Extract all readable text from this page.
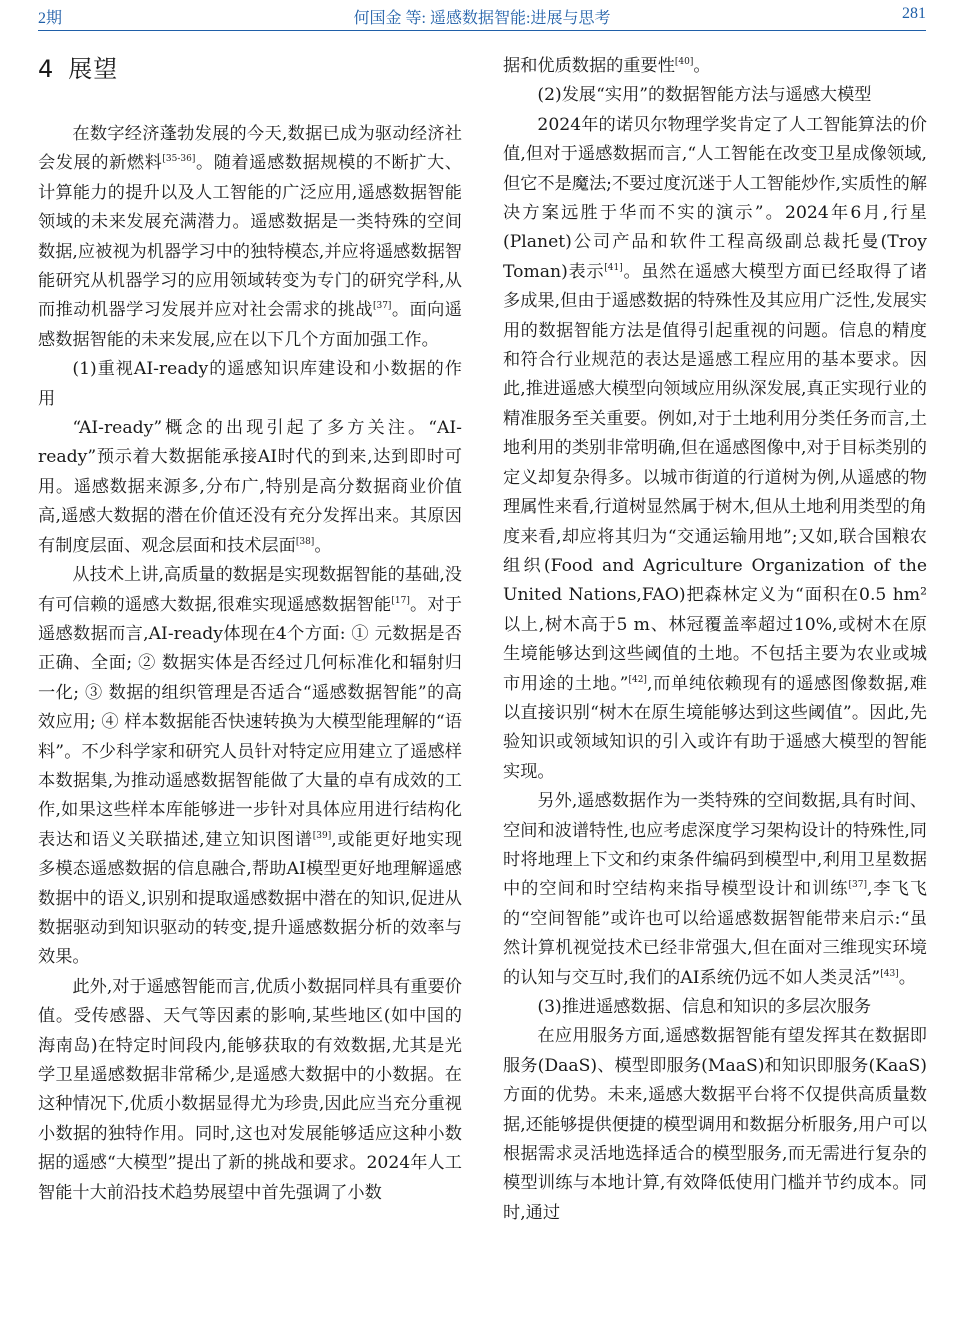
2期	何国金 等: 遥感数据智能:进展与思考	281
4 展望

在数字经济蓬勃发展的今天,数据已成为驱动经济社会发展的新燃料[35-36]。随着遥感数据规模的不断扩大、计算能力的提升以及人工智能的广泛应用,遥感数据智能领域的未来发展充满潜力。遥感数据是一类特殊的空间数据,应被视为机器学习中的独特模态,并应将遥感数据智能研究从机器学习的应用领域转变为专门的研究学科,从而推动机器学习发展并应对社会需求的挑战[37]。面向遥感数据智能的未来发展,应在以下几个方面加强工作。

(1)重视AI-ready的遥感知识库建设和小数据的作用

“AI-ready”概念的出现引起了多方关注。“AI-ready”预示着大数据能承接AI时代的到来,达到即时可用。遥感数据来源多,分布广,特别是高分数据商业价值高,遥感大数据的潜在价值还没有充分发挥出来。其原因有制度层面、观念层面和技术层面[38]。

从技术上讲,高质量的数据是实现数据智能的基础,没有可信赖的遥感大数据,很难实现遥感数据智能[17]。对于遥感数据而言,AI-ready体现在4个方面: ① 元数据是否正确、全面; ② 数据实体是否经过几何标准化和辐射归一化; ③ 数据的组织管理是否适合“遥感数据智能”的高效应用; ④ 样本数据能否快速转换为大模型能理解的“语料”。不少科学家和研究人员针对特定应用建立了遥感样本数据集,为推动遥感数据智能做了大量的卓有成效的工作,如果这些样本库能够进一步针对具体应用进行结构化表达和语义关联描述,建立知识图谱[39],或能更好地实现多模态遥感数据的信息融合,帮助AI模型更好地理解遥感数据中的语义,识别和提取遥感数据中潜在的知识,促进从数据驱动到知识驱动的转变,提升遥感数据分析的效率与效果。

此外,对于遥感智能而言,优质小数据同样具有重要价值。受传感器、天气等因素的影响,某些地区(如中国的海南岛)在特定时间段内,能够获取的有效数据,尤其是光学卫星遥感数据非常稀少,是遥感大数据中的小数据。在这种情况下,优质小数据显得尤为珍贵,因此应当充分重视小数据的独特作用。同时,这也对发展能够适应这种小数据的遥感“大模型”提出了新的挑战和要求。2024年人工智能十大前沿技术趋势展望中首先强调了小数

据和优质数据的重要性[40]。

(2)发展“实用”的数据智能方法与遥感大模型

2024年的诺贝尔物理学奖肯定了人工智能算法的价值,但对于遥感数据而言,“人工智能在改变卫星成像领域,但它不是魔法;不要过度沉迷于人工智能炒作,实质性的解决方案远胜于华而不实的演示”。2024年6月,行星(Planet)公司产品和软件工程高级副总裁托曼(Troy Toman)表示[41]。虽然在遥感大模型方面已经取得了诸多成果,但由于遥感数据的特殊性及其应用广泛性,发展实用的数据智能方法是值得引起重视的问题。信息的精度和符合行业规范的表达是遥感工程应用的基本要求。因此,推进遥感大模型向领域应用纵深发展,真正实现行业的精准服务至关重要。例如,对于土地利用分类任务而言,土地利用的类别非常明确,但在遥感图像中,对于目标类别的定义却复杂得多。以城市街道的行道树为例,从遥感的物理属性来看,行道树显然属于树木,但从土地利用类型的角度来看,却应将其归为“交通运输用地”;又如,联合国粮农组织(Food and Agriculture Organization of the United Nations,FAO)把森林定义为“面积在0.5 hm²以上,树木高于5 m、林冠覆盖率超过10%,或树木在原生境能够达到这些阈值的土地。不包括主要为农业或城市用途的土地。”[42],而单纯依赖现有的遥感图像数据,难以直接识别“树木在原生境能够达到这些阈值”。因此,先验知识或领域知识的引入或许有助于遥感大模型的智能实现。

另外,遥感数据作为一类特殊的空间数据,具有时间、空间和波谱特性,也应考虑深度学习架构设计的特殊性,同时将地理上下文和约束条件编码到模型中,利用卫星数据中的空间和时空结构来指导模型设计和训练[37],李飞飞的“空间智能”或许也可以给遥感数据智能带来启示:“虽然计算机视觉技术已经非常强大,但在面对三维现实环境的认知与交互时,我们的AI系统仍远不如人类灵活”[43]。

(3)推进遥感数据、信息和知识的多层次服务

在应用服务方面,遥感数据智能有望发挥其在数据即服务(DaaS)、模型即服务(MaaS)和知识即服务(KaaS)方面的优势。未来,遥感大数据平台将不仅提供高质量数据,还能够提供便捷的模型调用和数据分析服务,用户可以根据需求灵活地选择适合的模型服务,而无需进行复杂的模型训练与本地计算,有效降低使用门槛并节约成本。同时,通过
